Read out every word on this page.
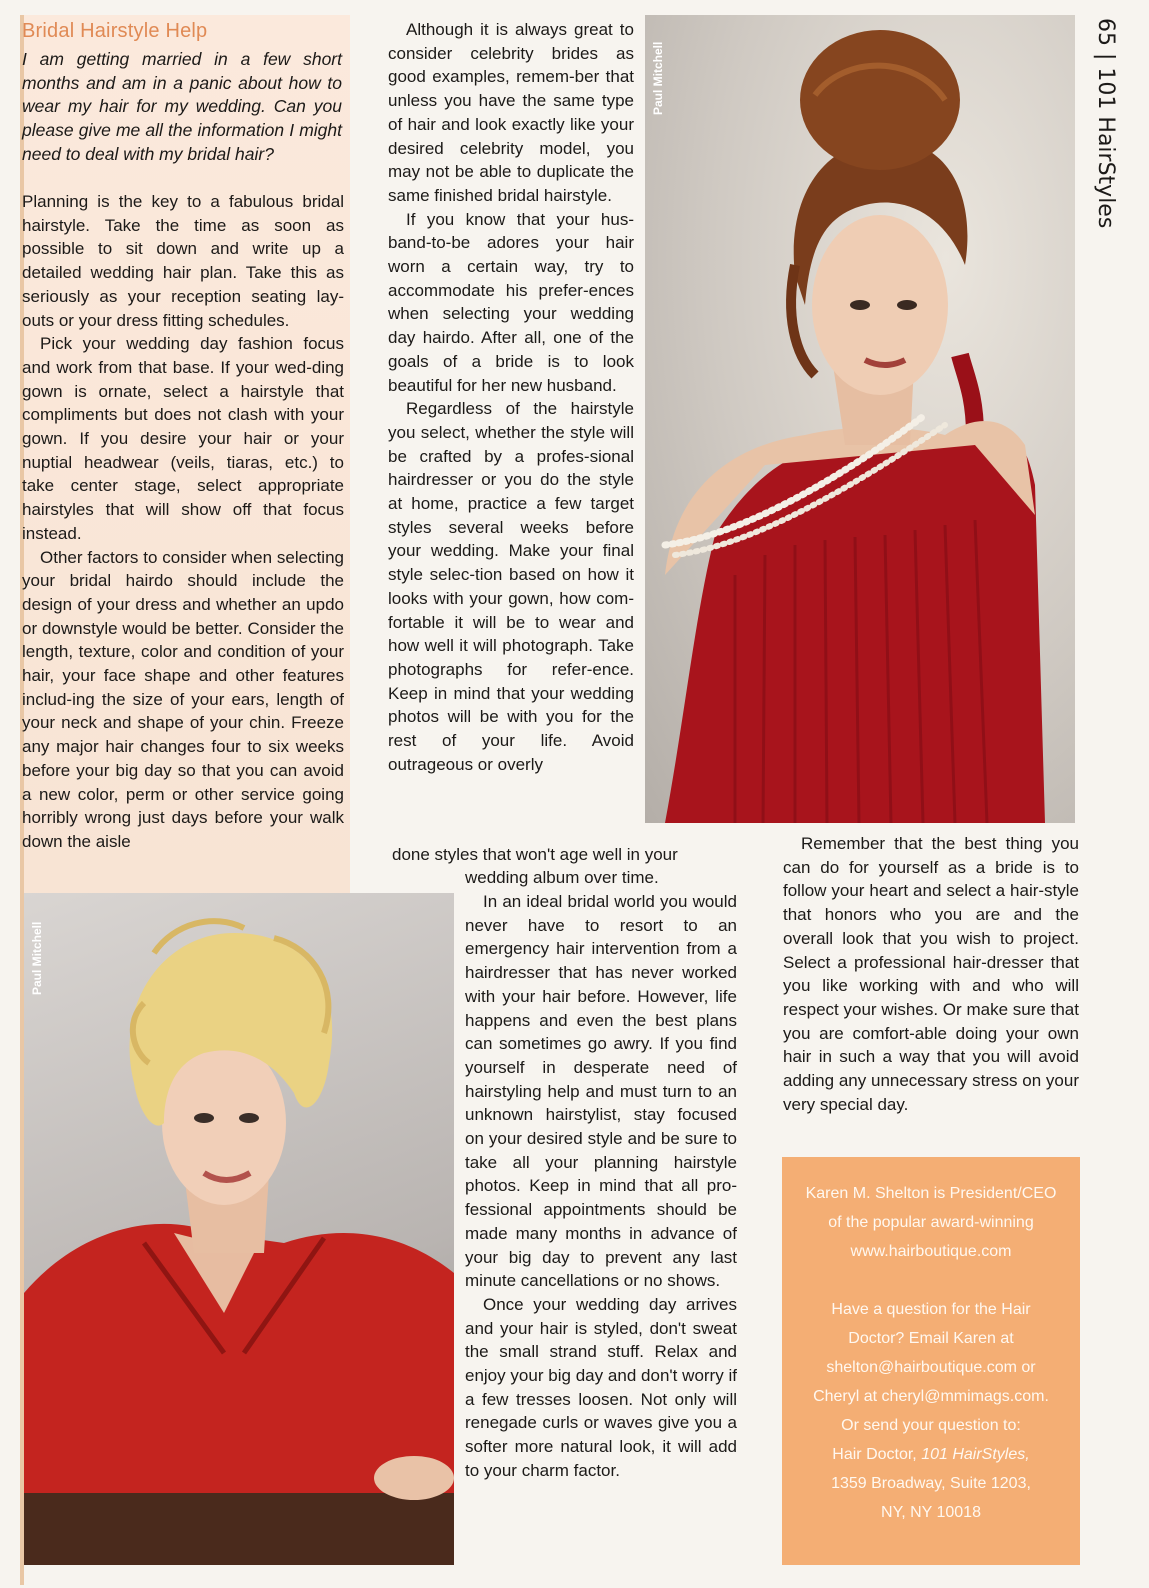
Bridal Hairstyle Help
I am getting married in a few short months and am in a panic about how to wear my hair for my wedding. Can you please give me all the information I might need to deal with my bridal hair?

Planning is the key to a fabulous bridal hairstyle. Take the time as soon as possible to sit down and write up a detailed wedding hair plan. Take this as seriously as your reception seating lay-outs or your dress fitting schedules.

Pick your wedding day fashion focus and work from that base. If your wed-ding gown is ornate, select a hairstyle that compliments but does not clash with your gown. If you desire your hair or your nuptial headwear (veils, tiaras, etc.) to take center stage, select appropriate hairstyles that will show off that focus instead.

Other factors to consider when selecting your bridal hairdo should include the design of your dress and whether an updo or downstyle would be better. Consider the length, texture, color and condition of your hair, your face shape and other features includ-ing the size of your ears, length of your neck and shape of your chin. Freeze any major hair changes four to six weeks before your big day so that you can avoid a new color, perm or other service going horribly wrong just days before your walk down the aisle

Paul Mitchell
Paul Mitchell

Although it is always great to consider celebrity brides as good examples, remem-ber that unless you have the same type of hair and look exactly like your desired celebrity model, you may not be able to duplicate the same finished bridal hairstyle.

If you know that your hus-band-to-be adores your hair worn a certain way, try to accommodate his prefer-ences when selecting your wedding day hairdo. After all, one of the goals of a bride is to look beautiful for her new husband.

Regardless of the hairstyle you select, whether the style will be crafted by a profes-sional hairdresser or you do the style at home, practice a few target styles several weeks before your wedding. Make your final style selec-tion based on how it looks with your gown, how com-fortable it will be to wear and how well it will photograph. Take photographs for refer-ence. Keep in mind that your wedding photos will be with you for the rest of your life. Avoid outrageous or overly

done styles that won't age well in your
wedding album over time.

In an ideal bridal world you would never have to resort to an emergency hair intervention from a hairdresser that has never worked with your hair before. However, life happens and even the best plans can sometimes go awry. If you find yourself in desperate need of hairstyling help and must turn to an unknown hairstylist, stay focused on your desired style and be sure to take all your planning hairstyle photos. Keep in mind that all pro-fessional appointments should be made many months in advance of your big day to prevent any last minute cancellations or no shows.

Once your wedding day arrives and your hair is styled, don't sweat the small strand stuff. Relax and enjoy your big day and don't worry if a few tresses loosen. Not only will renegade curls or waves give you a softer more natural look, it will add to your charm factor.

Remember that the best thing you can do for yourself as a bride is to follow your heart and select a hair-style that honors who you are and the overall look that you wish to project. Select a professional hair-dresser that you like working with and who will respect your wishes. Or make sure that you are comfort-able doing your own hair in such a way that you will avoid adding any unnecessary stress on your very special day.

65 | 101 HairStyles

Karen M. Shelton is President/CEO

of the popular award-winning

www.hairboutique.com

Have a question for the Hair

Doctor? Email Karen at

shelton@hairboutique.com or

Cheryl at cheryl@mmimags.com.

Or send your question to:

Hair Doctor, 101 HairStyles,

1359 Broadway, Suite 1203,

NY, NY 10018
